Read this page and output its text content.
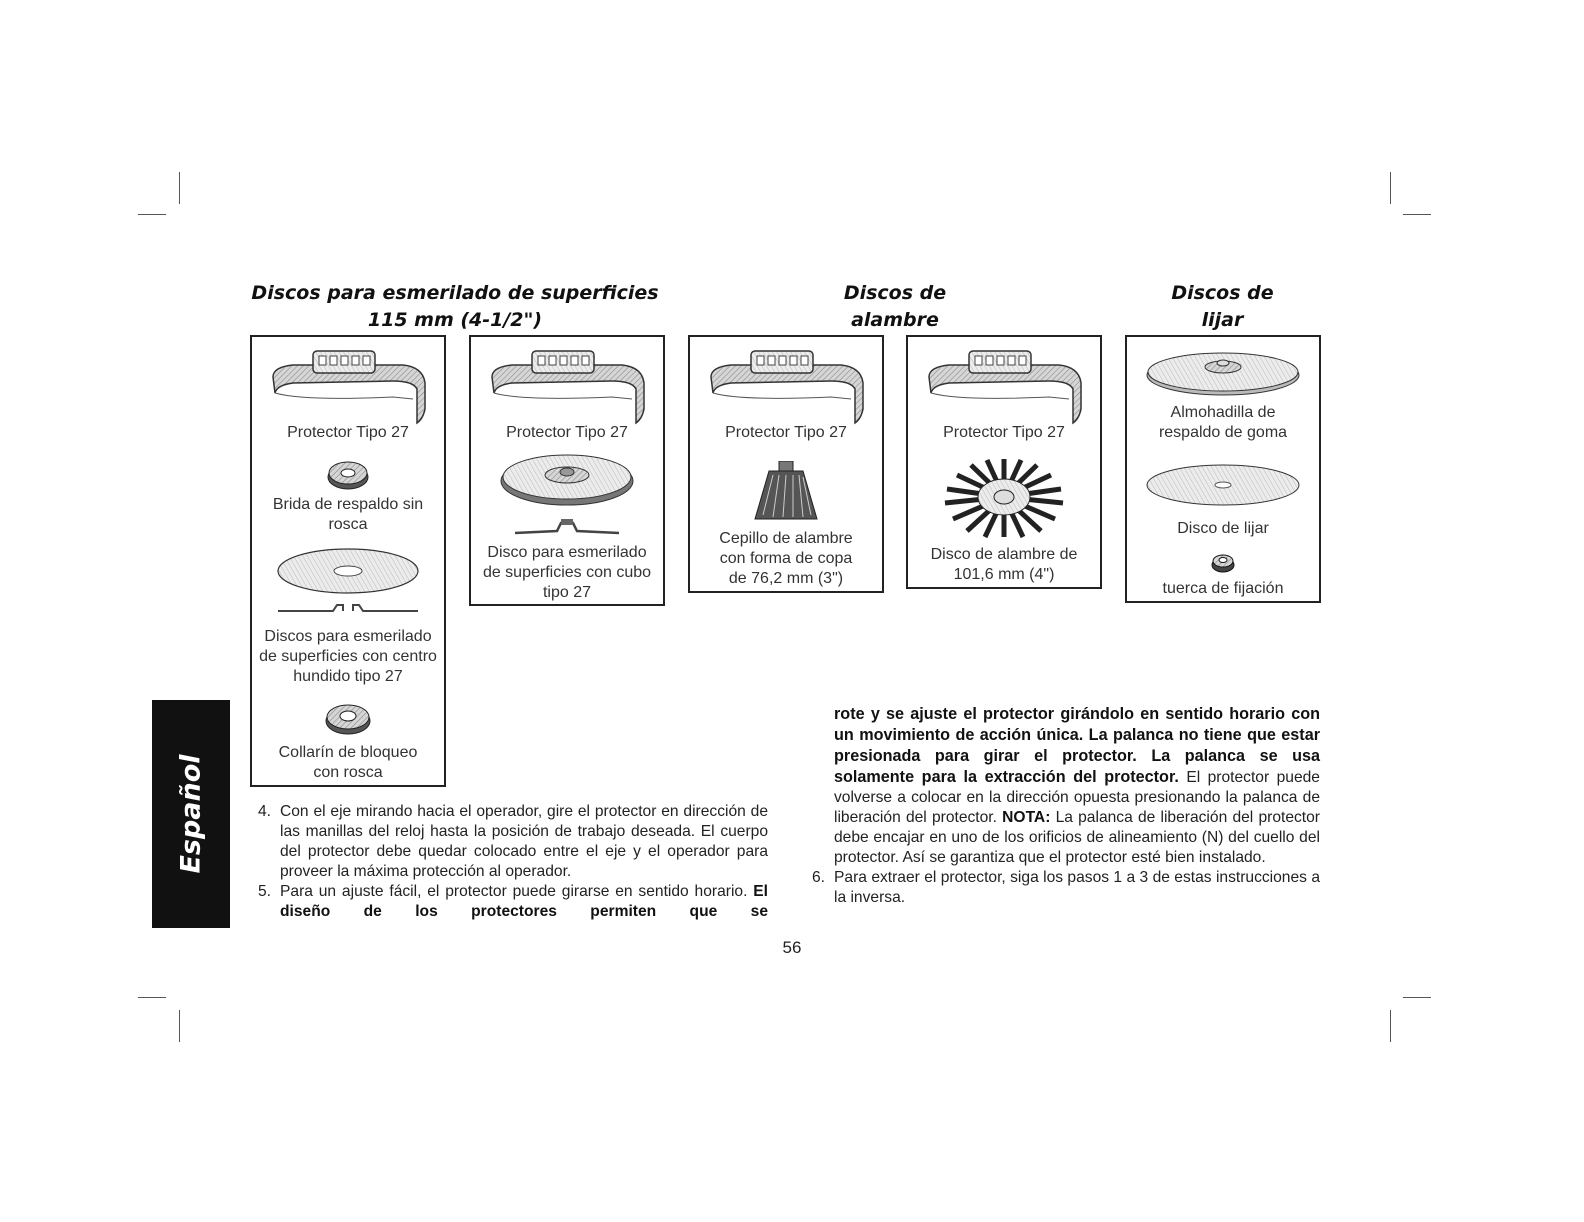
Discos para esmerilado de superficies
115 mm (4-1/2")
Discos de
alambre
Discos de
lijar
Protector Tipo 27
Brida de respaldo sin
rosca
Discos para esmerilado
de superficies con centro
hundido tipo 27
Collarín de bloqueo
con rosca
Protector Tipo 27
Disco para esmerilado
de superficies con cubo
tipo 27
Protector Tipo 27
Cepillo de alambre
con forma de copa
de 76,2 mm (3")
Protector Tipo 27
Disco de alambre de
101,6 mm (4")
Almohadilla de
respaldo de goma
Disco de lijar
tuerca de fijación
Español	4. Con el eje mirando hacia el operador, gire el protector en dirección de las manillas del reloj hasta la posición de trabajo deseada. El cuerpo del protector debe quedar colocado entre el eje y el operador para proveer la máxima protección al operador.
5. Para un ajuste fácil, el protector puede girarse en sentido horario. El diseño de los protectores permiten que se
rote y se ajuste el protector girándolo en sentido horario con un movimiento de acción única. La palanca no tiene que estar presionada para girar el protector. La palanca se usa solamente para la extracción del protector. El protector puede volverse a colocar en la dirección opuesta presionando la palanca de liberación del protector. NOTA: La palanca de liberación del protector debe encajar en uno de los orificios de alineamiento (N) del cuello del protector. Así se garantiza que el protector esté bien instalado.
6. Para extraer el protector, siga los pasos 1 a 3 de estas instrucciones a la inversa.
56
